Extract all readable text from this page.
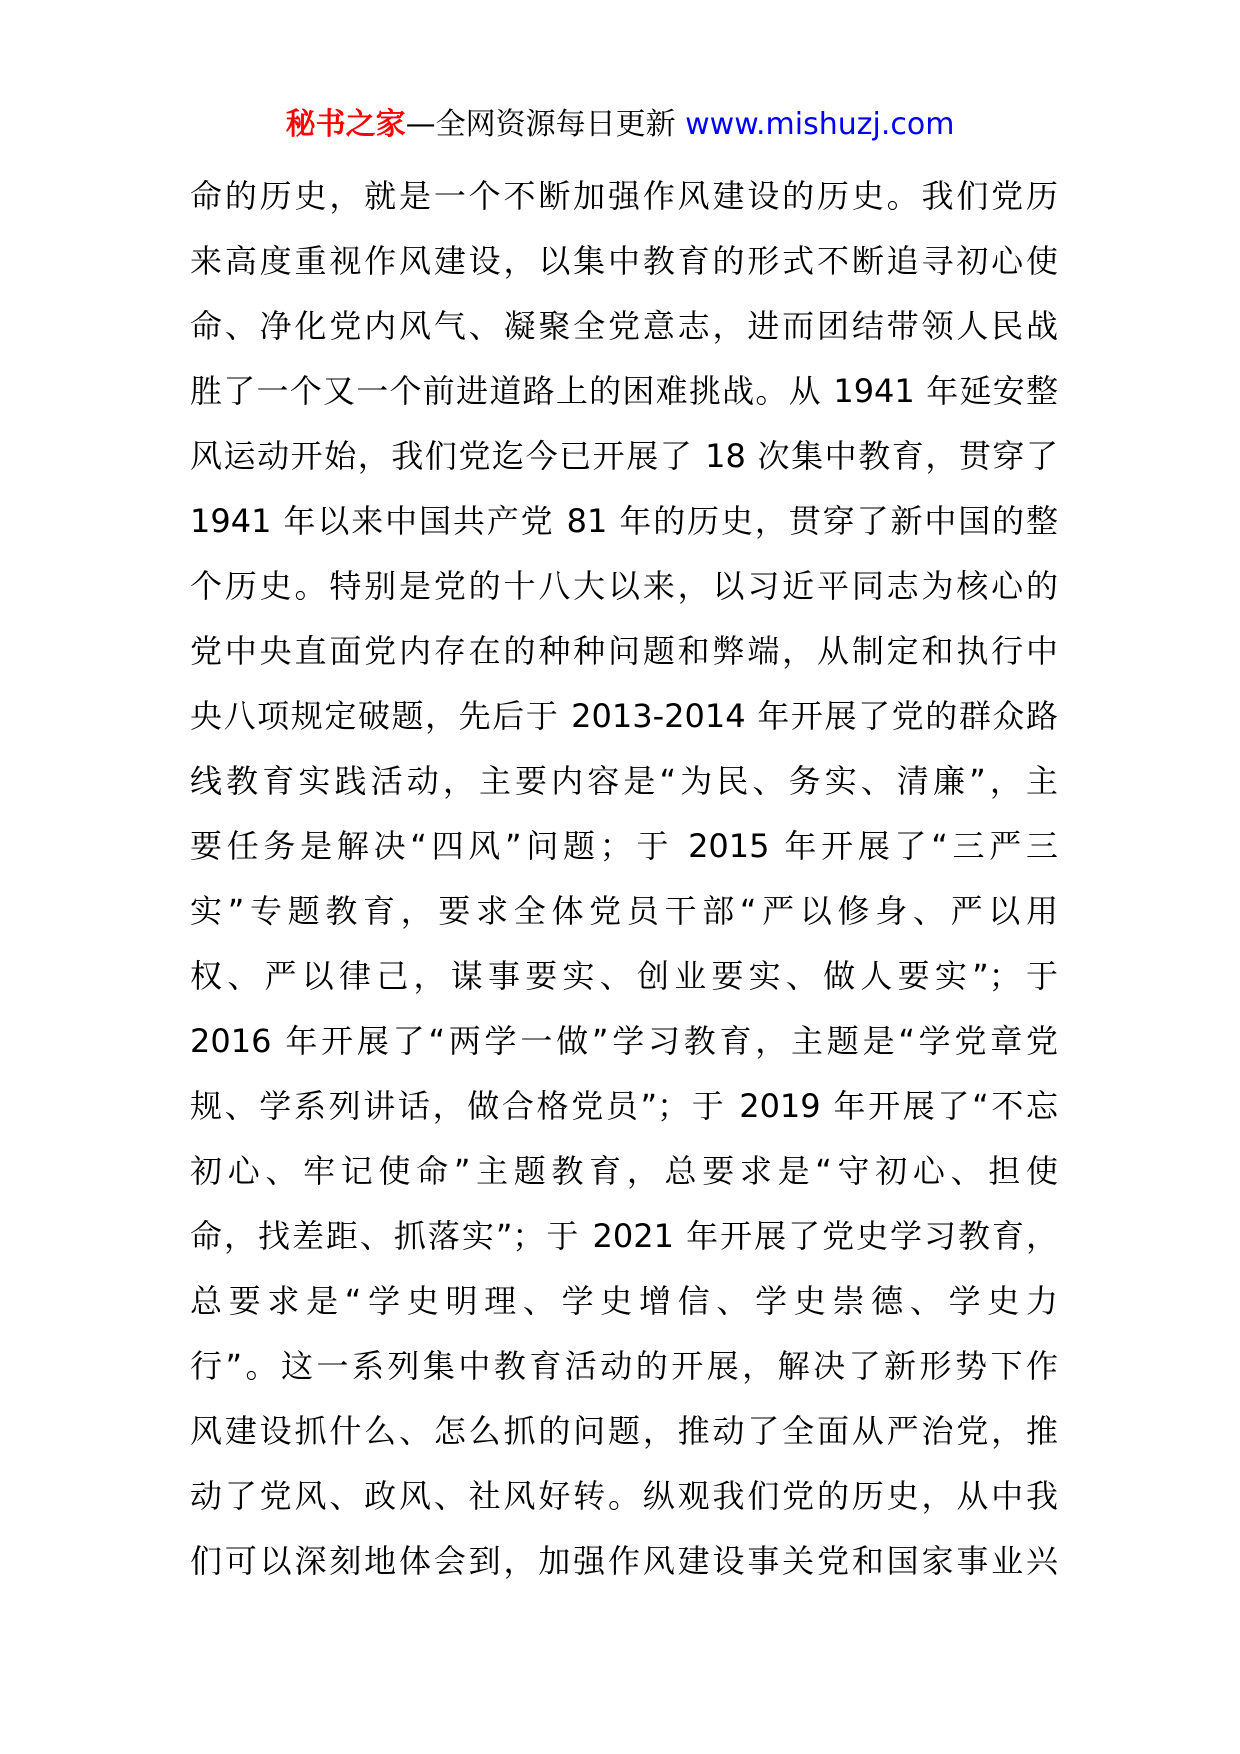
秘书之家—全网资源每日更新 www.mishuzj.com
命的历史，就是一个不断加强作风建设的历史。我们党历
来高度重视作风建设，以集中教育的形式不断追寻初心使
命、净化党内风气、凝聚全党意志，进而团结带领人民战
胜了一个又一个前进道路上的困难挑战。从 1941 年延安整
风运动开始，我们党迄今已开展了 18 次集中教育，贯穿了
1941 年以来中国共产党 81 年的历史，贯穿了新中国的整
个历史。特别是党的十八大以来，以习近平同志为核心的
党中央直面党内存在的种种问题和弊端，从制定和执行中
央八项规定破题，先后于 2013-2014 年开展了党的群众路
线教育实践活动，主要内容是“为民、务实、清廉”，主
要任务是解决“四风”问题；于 2015 年开展了“三严三
实”专题教育，要求全体党员干部“严以修身、严以用
权、严以律己，谋事要实、创业要实、做人要实”；于
2016 年开展了“两学一做”学习教育，主题是“学党章党
规、学系列讲话，做合格党员”；于 2019 年开展了“不忘
初心、牢记使命”主题教育，总要求是“守初心、担使
命，找差距、抓落实”；于 2021 年开展了党史学习教育，
总要求是“学史明理、学史增信、学史崇德、学史力
行”。这一系列集中教育活动的开展，解决了新形势下作
风建设抓什么、怎么抓的问题，推动了全面从严治党，推
动了党风、政风、社风好转。纵观我们党的历史，从中我
们可以深刻地体会到，加强作风建设事关党和国家事业兴
